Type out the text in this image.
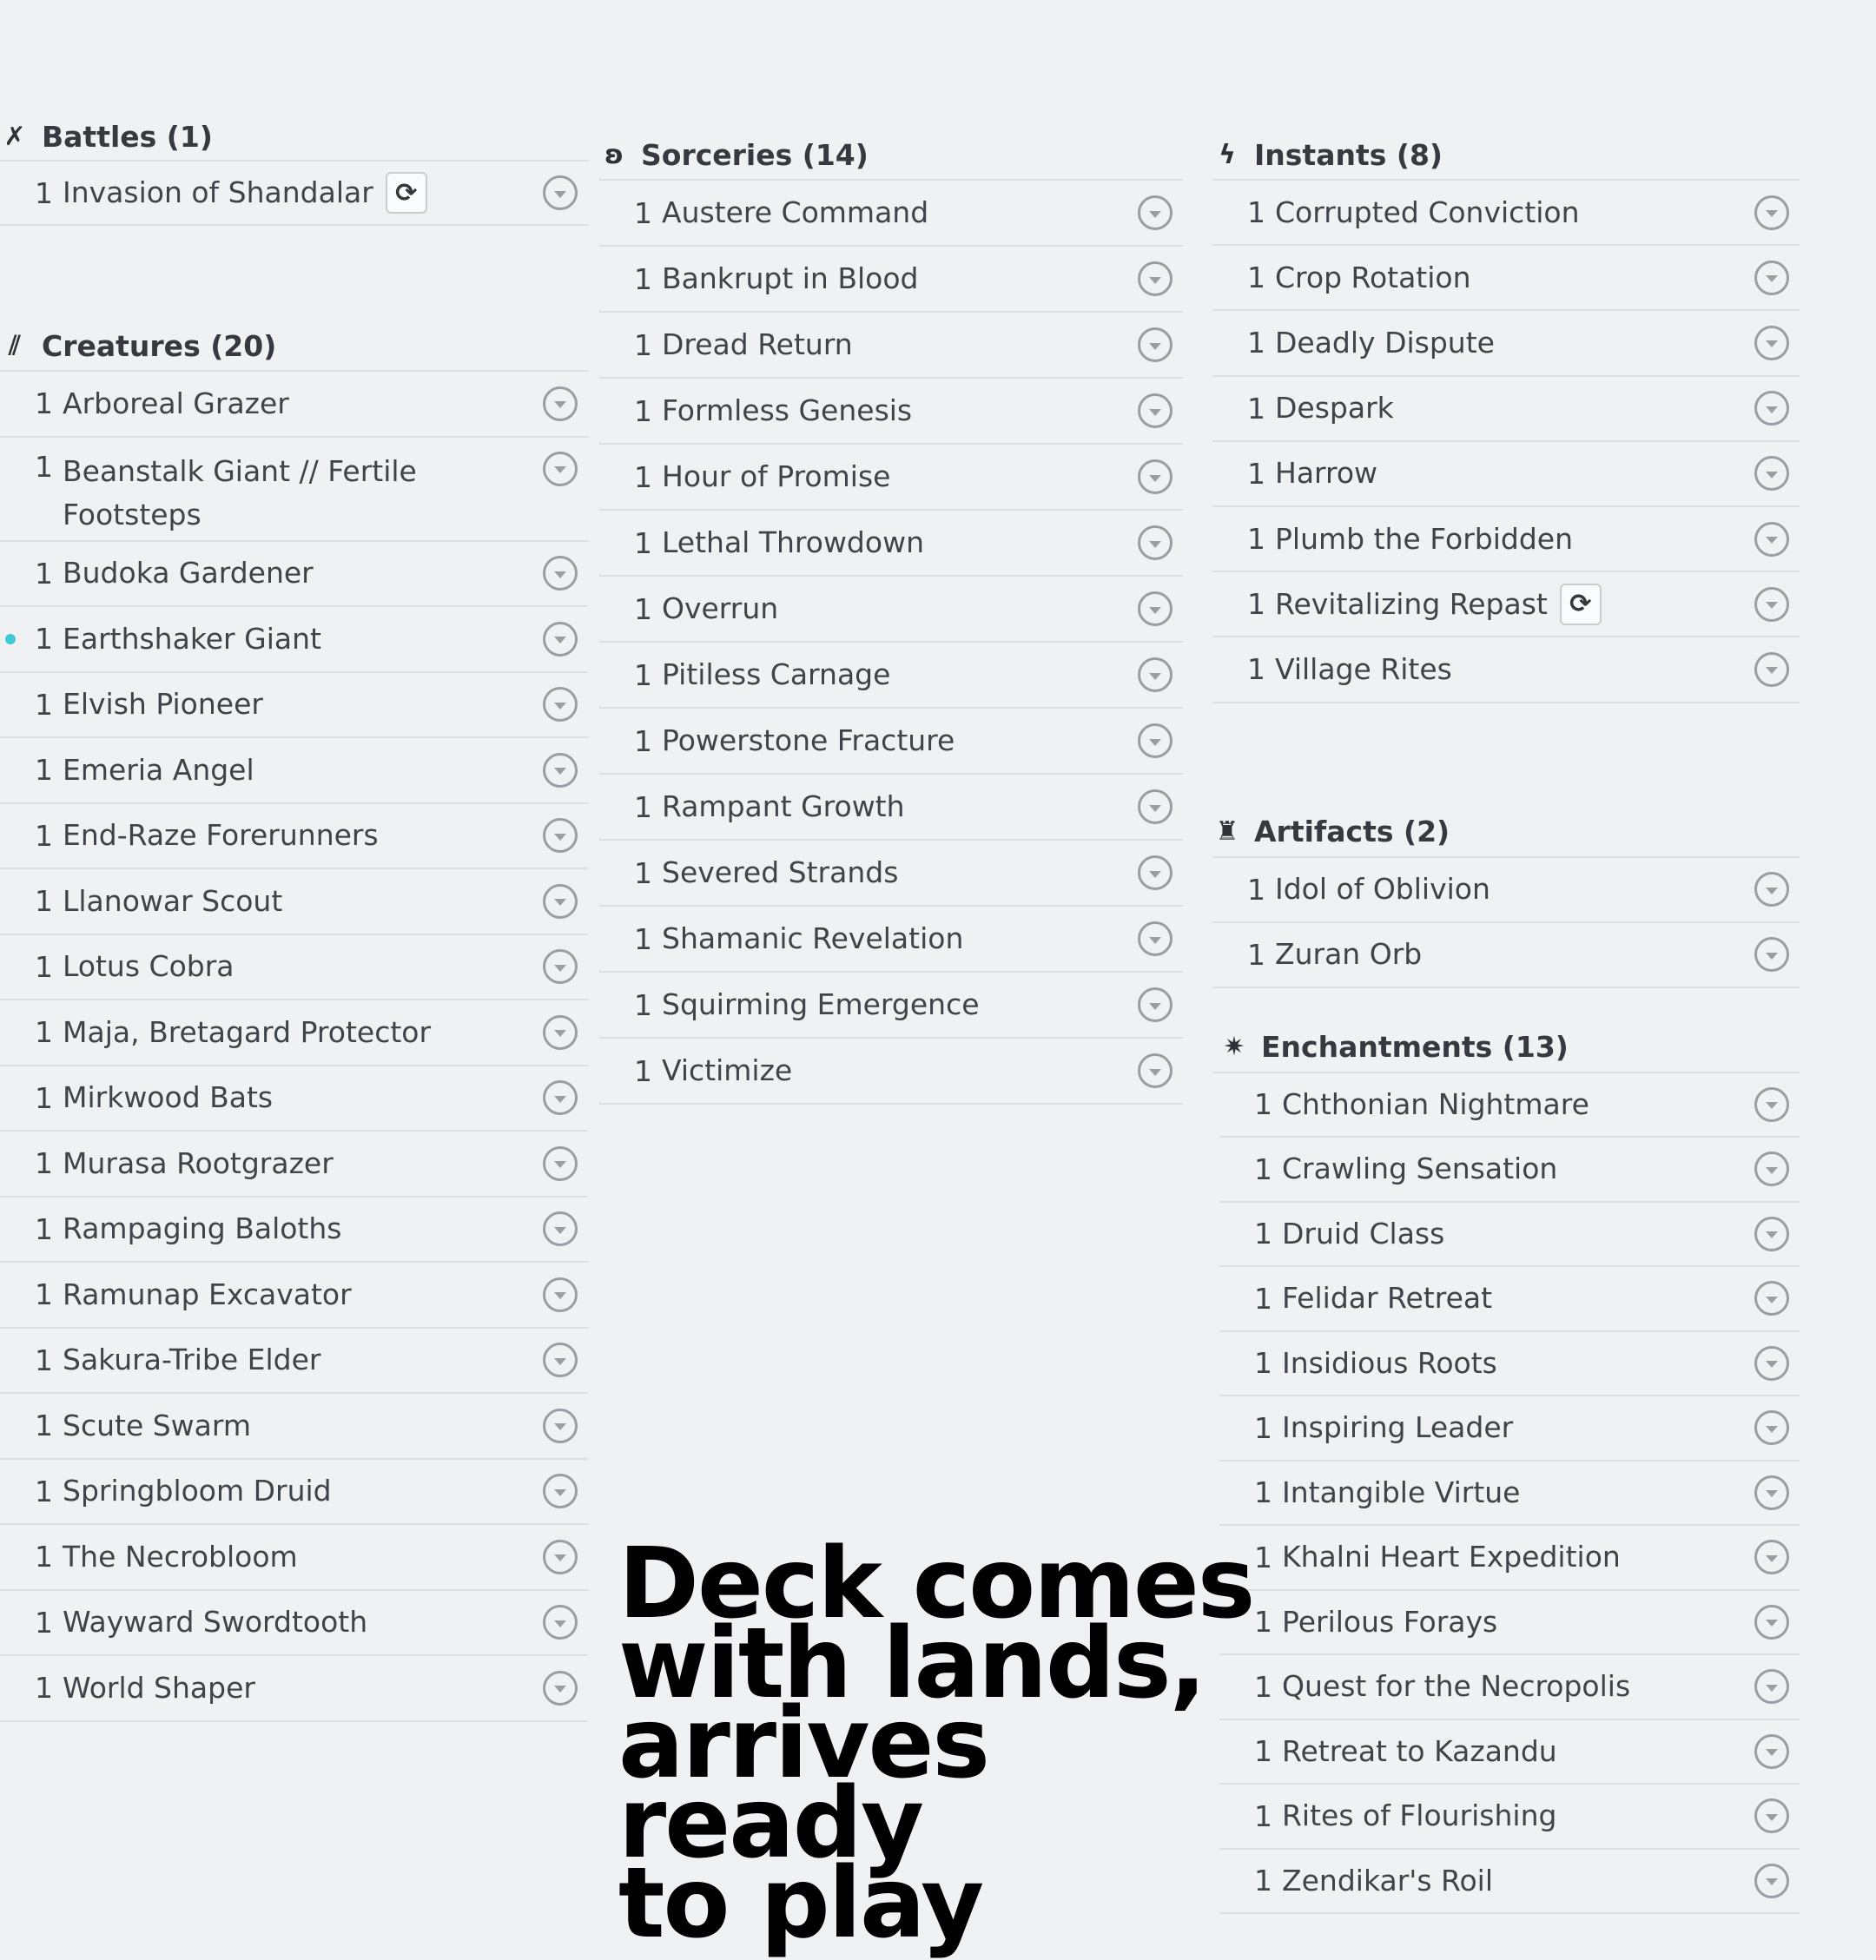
✗ Battles (1)
1 Invasion of Shandalar ⟳
⫽ Creatures (20)
1 Arboreal Grazer
1 Beanstalk Giant // Fertile Footsteps
1 Budoka Gardener
1 Earthshaker Giant
1 Elvish Pioneer
1 Emeria Angel
1 End-Raze Forerunners
1 Llanowar Scout
1 Lotus Cobra
1 Maja, Bretagard Protector
1 Mirkwood Bats
1 Murasa Rootgrazer
1 Rampaging Baloths
1 Ramunap Excavator
1 Sakura-Tribe Elder
1 Scute Swarm
1 Springbloom Druid
1 The Necrobloom
1 Wayward Swordtooth
1 World Shaper
ʚ Sorceries (14)
1 Austere Command
1 Bankrupt in Blood
1 Dread Return
1 Formless Genesis
1 Hour of Promise
1 Lethal Throwdown
1 Overrun
1 Pitiless Carnage
1 Powerstone Fracture
1 Rampant Growth
1 Severed Strands
1 Shamanic Revelation
1 Squirming Emergence
1 Victimize
ϟ Instants (8)
1 Corrupted Conviction
1 Crop Rotation
1 Deadly Dispute
1 Despark
1 Harrow
1 Plumb the Forbidden
1 Revitalizing Repast ⟳
1 Village Rites
♜ Artifacts (2)
1 Idol of Oblivion
1 Zuran Orb
✷ Enchantments (13)
1 Chthonian Nightmare
1 Crawling Sensation
1 Druid Class
1 Felidar Retreat
1 Insidious Roots
1 Inspiring Leader
1 Intangible Virtue
1 Khalni Heart Expedition
1 Perilous Forays
1 Quest for the Necropolis
1 Retreat to Kazandu
1 Rites of Flourishing
1 Zendikar's Roil
Deck comes
with lands,
arrives ready
to play
